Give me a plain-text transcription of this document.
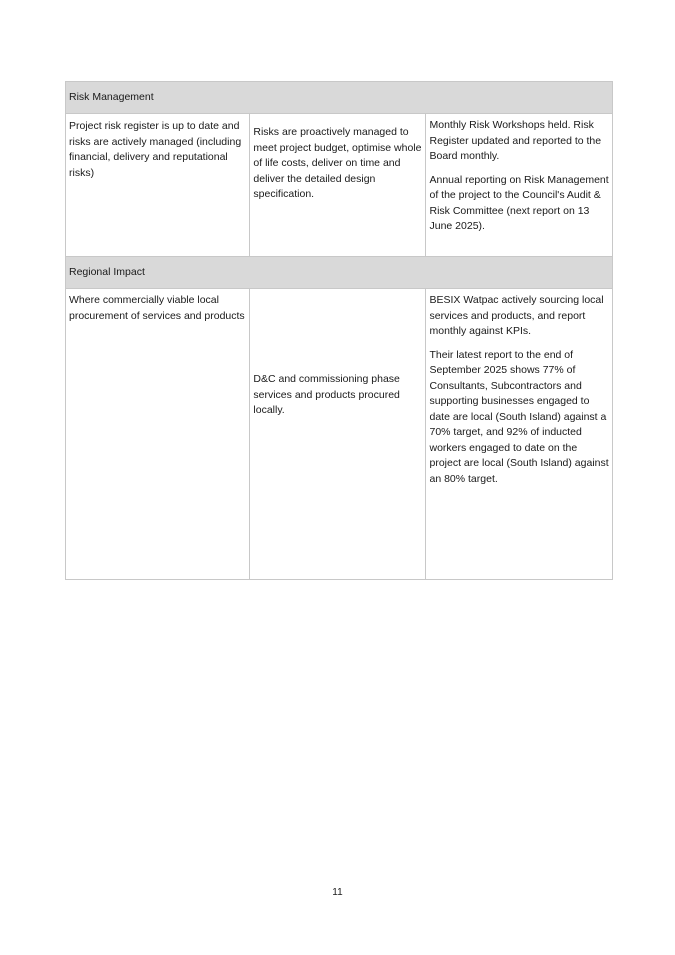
Risk Management		

Project risk register is up to date and risks are actively managed (including financial, delivery and reputational risks)	Risks are proactively managed to meet project budget, optimise whole of life costs, deliver on time and deliver the detailed design specification.	Monthly Risk Workshops held. Risk Register updated and reported to the Board monthly.

Annual reporting on Risk Management of the project to the Council's Audit & Risk Committee (next report on 13 June 2025).

Regional Impact		

Where commercially viable local procurement of services and products	D&C and commissioning phase services and products procured locally.	BESIX Watpac actively sourcing local services and products, and report monthly against KPIs.

Their latest report to the end of September 2025 shows 77% of Consultants, Subcontractors and supporting businesses engaged to date are local (South Island) against a 70% target, and 92% of inducted workers engaged to date on the project are local (South Island) against an 80% target.

11
